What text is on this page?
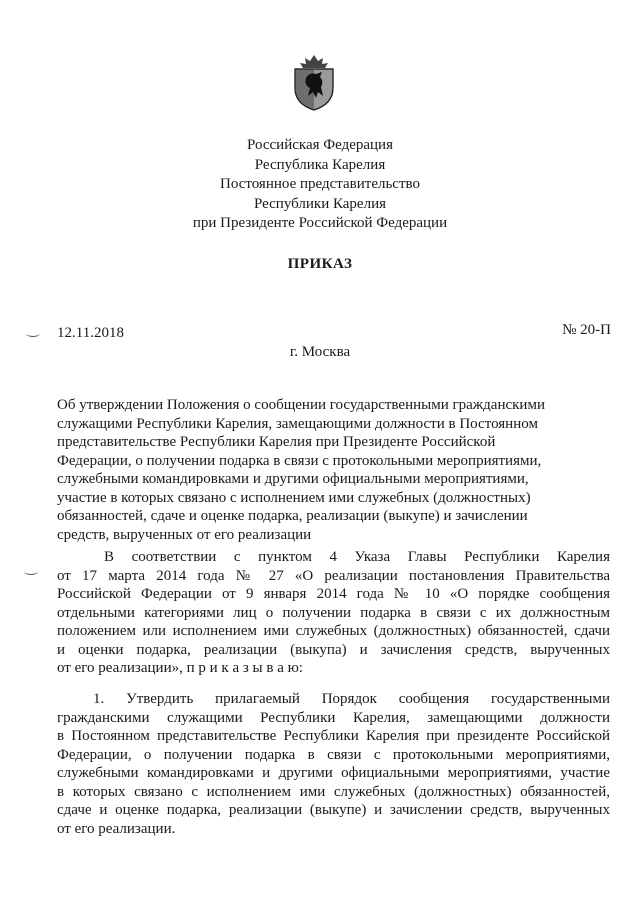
Российская Федерация
Республика Карелия
Постоянное представительство
Республики Карелия
при Президенте Российской Федерации
ПРИКАЗ
12.11.2018	№ 20-П
г. Москва
Об утверждении Положения о сообщении государственными гражданскими
служащими Республики Карелия, замещающими должности в Постоянном
представительстве Республики Карелия при Президенте Российской
Федерации, о получении подарка в связи с протокольными мероприятиями,
служебными командировками и другими официальными мероприятиями,
участие в которых связано с исполнением ими служебных (должностных)
обязанностей, сдаче и оценке подарка, реализации (выкупе) и зачислении
средств, вырученных от его реализации
В соответствии с пунктом 4 Указа Главы Республики Карелия
от 17 марта 2014 года № 27 «О реализации постановления Правительства
Российской Федерации от 9 января 2014 года № 10 «О порядке сообщения
отдельными категориями лиц о получении подарка в связи с их должностным
положением или исполнением ими служебных (должностных) обязанностей, сдачи
и оценки подарка, реализации (выкупа) и зачисления средств, вырученных
от его реализации», п р и к а з ы в а ю:
1. Утвердить прилагаемый Порядок сообщения государственными
гражданскими служащими Республики Карелия, замещающими должности
в Постоянном представительстве Республики Карелия при президенте Российской
Федерации, о получении подарка в связи с протокольными мероприятиями,
служебными командировками и другими официальными мероприятиями, участие
в которых связано с исполнением ими служебных (должностных) обязанностей,
сдаче и оценке подарка, реализации (выкупе) и зачислении средств, вырученных
от его реализации.
